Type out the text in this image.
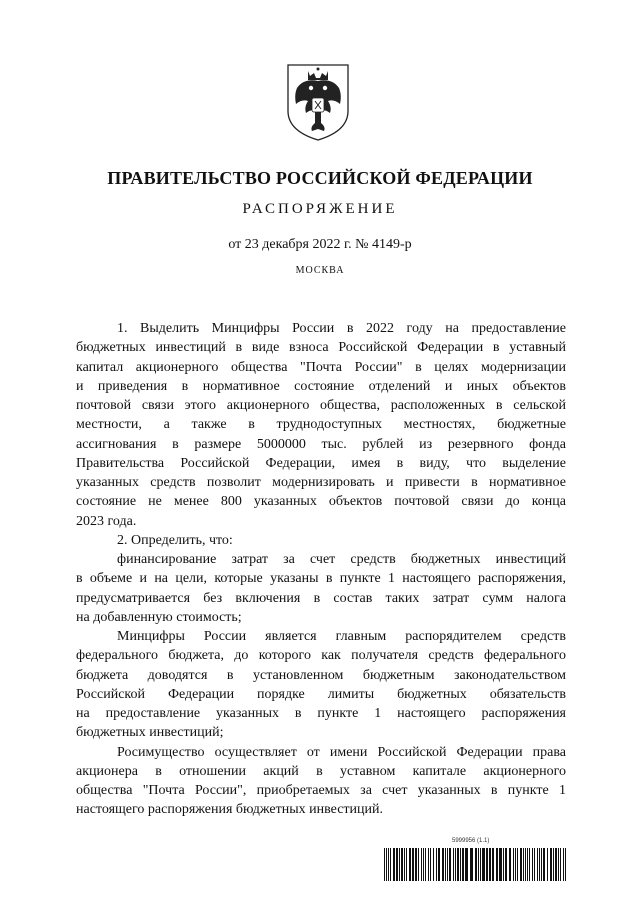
ПРАВИТЕЛЬСТВО РОССИЙСКОЙ ФЕДЕРАЦИИ
РАСПОРЯЖЕНИЕ
от 23 декабря 2022 г. № 4149-р
МОСКВА
1. Выделить Минцифры России в 2022 году на предоставление
бюджетных инвестиций в виде взноса Российской Федерации в уставный
капитал акционерного общества "Почта России" в целях модернизации
и приведения в нормативное состояние отделений и иных объектов
почтовой связи этого акционерного общества, расположенных в сельской
местности, а также в труднодоступных местностях, бюджетные
ассигнования в размере 5000000 тыс. рублей из резервного фонда
Правительства Российской Федерации, имея в виду, что выделение
указанных средств позволит модернизировать и привести в нормативное
состояние не менее 800 указанных объектов почтовой связи до конца
2023 года.
2. Определить, что:
финансирование затрат за счет средств бюджетных инвестиций
в объеме и на цели, которые указаны в пункте 1 настоящего распоряжения,
предусматривается без включения в состав таких затрат сумм налога
на добавленную стоимость;
Минцифры России является главным распорядителем средств
федерального бюджета, до которого как получателя средств федерального
бюджета доводятся в установленном бюджетным законодательством
Российской Федерации порядке лимиты бюджетных обязательств
на предоставление указанных в пункте 1 настоящего распоряжения
бюджетных инвестиций;
Росимущество осуществляет от имени Российской Федерации права
акционера в отношении акций в уставном капитале акционерного
общества "Почта России", приобретаемых за счет указанных в пункте 1
настоящего распоряжения бюджетных инвестиций.
5999956 (1.1)
